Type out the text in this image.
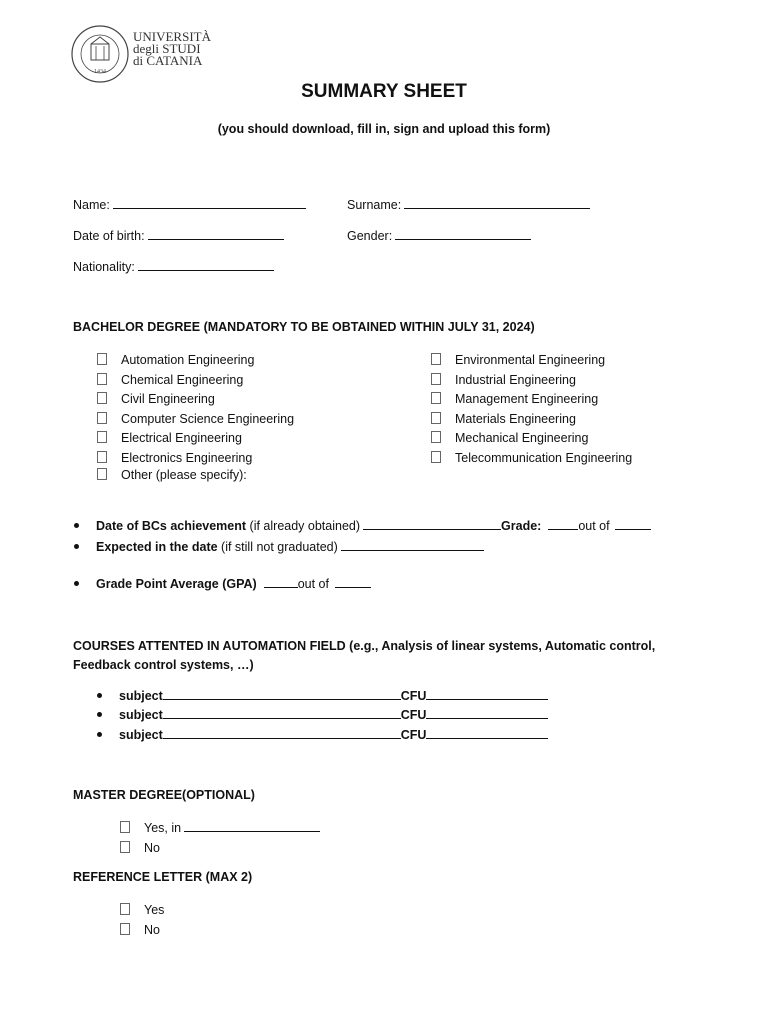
1434
UNIVERSITÀ
degli STUDI
di CATANIA
SUMMARY SHEET
(you should download, fill in, sign and upload this form)
Name:	Surname:
Date of birth:	Gender:
Nationality:
BACHELOR DEGREE (MANDATORY TO BE OBTAINED WITHIN JULY 31, 2024)
Automation Engineering
Chemical Engineering
Civil Engineering
Computer Science Engineering
Electrical Engineering
Electronics Engineering
Other (please specify):
Environmental Engineering
Industrial Engineering
Management Engineering
Materials Engineering
Mechanical Engineering
Telecommunication Engineering
Date of BCs achievement (if already obtained)	Grade:	out of
Expected in the date (if still not graduated)
Grade Point Average (GPA)	out of
COURSES ATTENTED IN AUTOMATION FIELD (e.g., Analysis of linear systems, Automatic control,
Feedback control systems, …)
subject	CFU
subject	CFU
subject	CFU
MASTER DEGREE(OPTIONAL)
Yes, in
No
REFERENCE LETTER (MAX 2)
Yes
No
